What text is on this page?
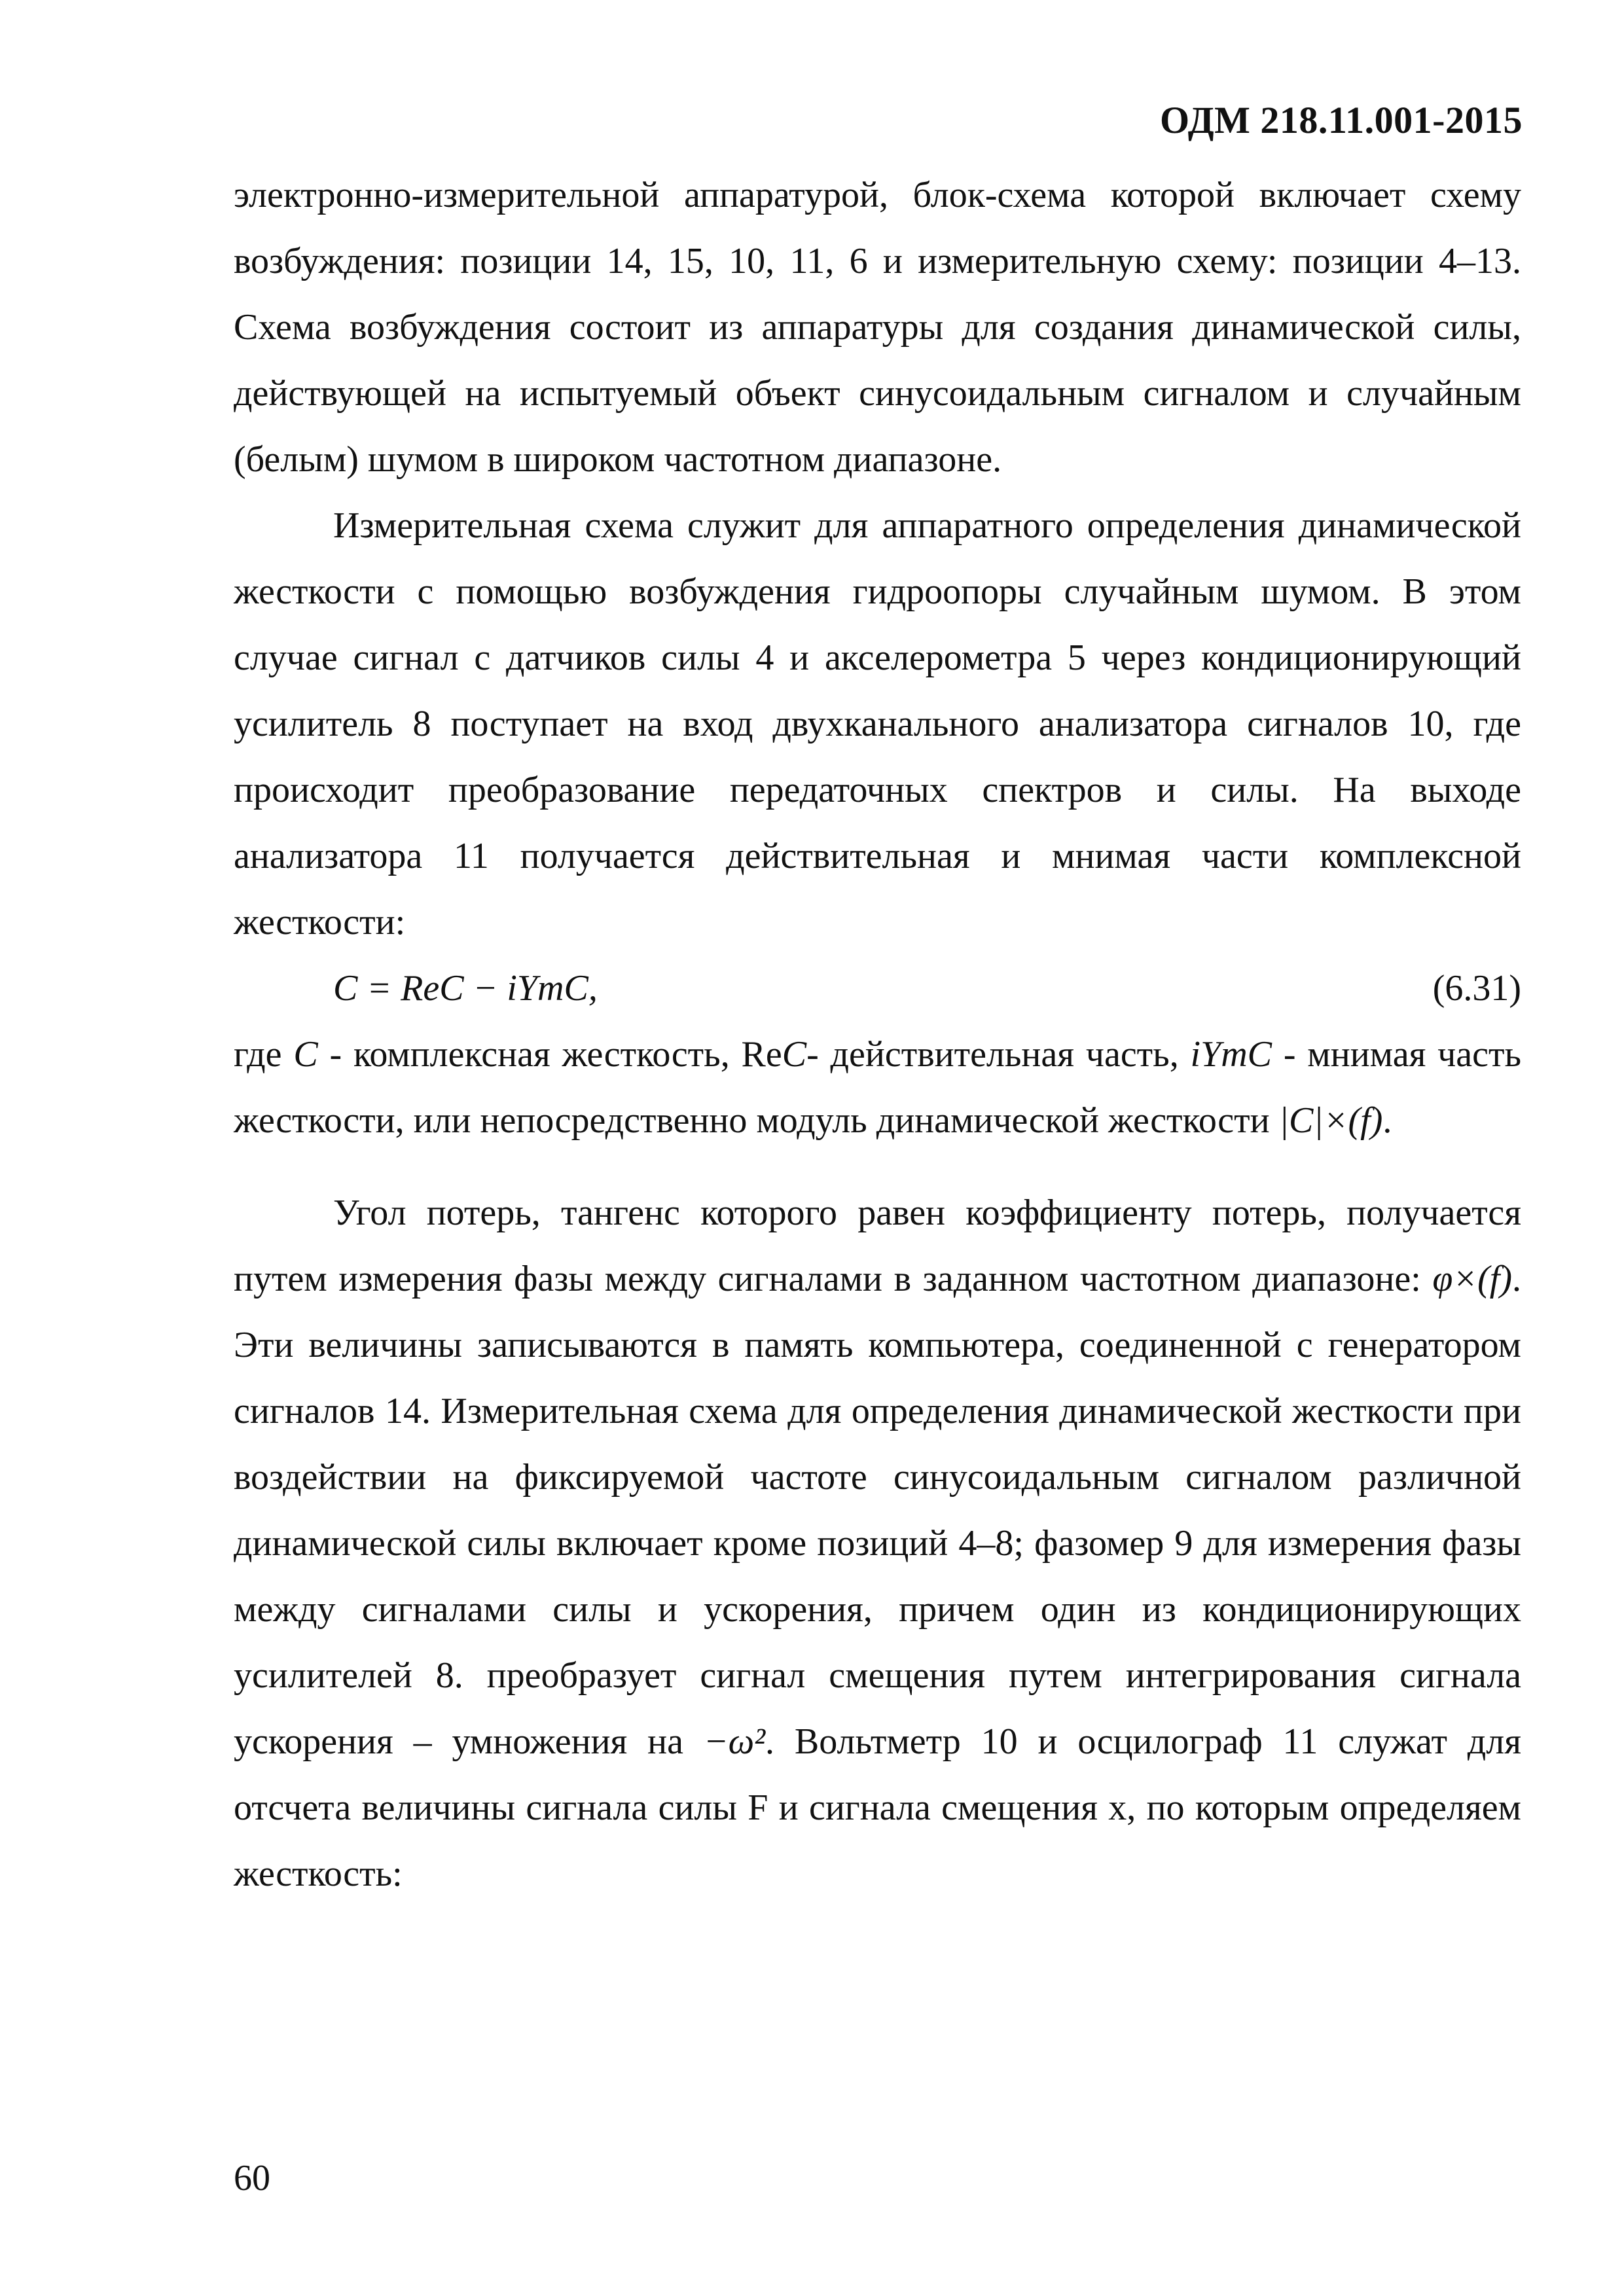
ОДМ 218.11.001-2015

электронно-измерительной аппаратурой, блок-схема которой включает схему возбуждения: позиции 14, 15, 10, 11, 6 и измерительную схему: позиции 4–13. Схема возбуждения состоит из аппаратуры для создания динамической силы, действующей на испытуемый объект синусоидальным сигналом и случайным (белым) шумом в широком частотном диапазоне.

Измерительная схема служит для аппаратного определения динамической жесткости с помощью возбуждения гидроопоры случайным шумом. В этом случае сигнал с датчиков силы 4 и акселерометра 5 через кондиционирующий усилитель 8 поступает на вход двухканального анализатора сигналов 10, где происходит преобразование передаточных спектров и силы. На выходе анализатора 11 получается действительная и мнимая части комплексной жесткости:

C = ReC − iYmC,	(6.31)

где C - комплексная жесткость, ReC- действительная часть, iYmC - мнимая часть жесткости, или непосредственно модуль динамической жесткости |C|×(f).

Угол потерь, тангенс которого равен коэффициенту потерь, получается путем измерения фазы между сигналами в заданном частотном диапазоне: φ×(f). Эти величины записываются в память компьютера, соединенной с генератором сигналов 14. Измерительная схема для определения динамической жесткости при воздействии на фиксируемой частоте синусоидальным сигналом различной динамической силы включает кроме позиций 4–8; фазомер 9 для измерения фазы между сигналами силы и ускорения, причем один из кондиционирующих усилителей 8. преобразует сигнал смещения путем интегрирования сигнала ускорения – умножения на −ω². Вольтметр 10 и осцилограф 11 служат для отсчета величины сигнала силы F и сигнала смещения x, по которым определяем жесткость:

60
